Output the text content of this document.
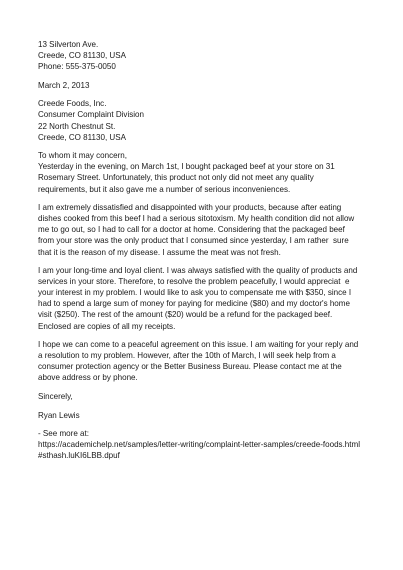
13 Silverton Ave.
Creede, CO 81130, USA
Phone: 555-375-0050
March 2, 2013
Creede Foods, Inc.
Consumer Complaint Division
22 North Chestnut St.
Creede, CO 81130, USA
To whom it may concern,
Yesterday in the evening, on March 1st, I bought packaged beef at your store on 31
Rosemary Street. Unfortunately, this product not only did not meet any quality
requirements, but it also gave me a number of serious inconveniences.
I am extremely dissatisfied and disappointed with your products, because after eating
dishes cooked from this beef I had a serious sitotoxism. My health condition did not allow
me to go out, so I had to call for a doctor at home. Considering that the packaged beef
from your store was the only product that I consumed since yesterday, I am rather  sure
that it is the reason of my disease. I assume the meat was not fresh.
I am your long-time and loyal client. I was always satisfied with the quality of products and
services in your store. Therefore, to resolve the problem peacefully, I would appreciat  e
your interest in my problem. I would like to ask you to compensate me with $350, since I
had to spend a large sum of money for paying for medicine ($80) and my doctor's home
visit ($250). The rest of the amount ($20) would be a refund for the packaged beef.
Enclosed are copies of all my receipts.
I hope we can come to a peaceful agreement on this issue. I am waiting for your reply and
a resolution to my problem. However, after the 10th of March, I will seek help from a
consumer protection agency or the Better Business Bureau. Please contact me at the
above address or by phone.
Sincerely,
Ryan Lewis
- See more at:
https://academichelp.net/samples/letter-writing/complaint-letter-samples/creede-foods.html
#sthash.luKI6LBB.dpuf
